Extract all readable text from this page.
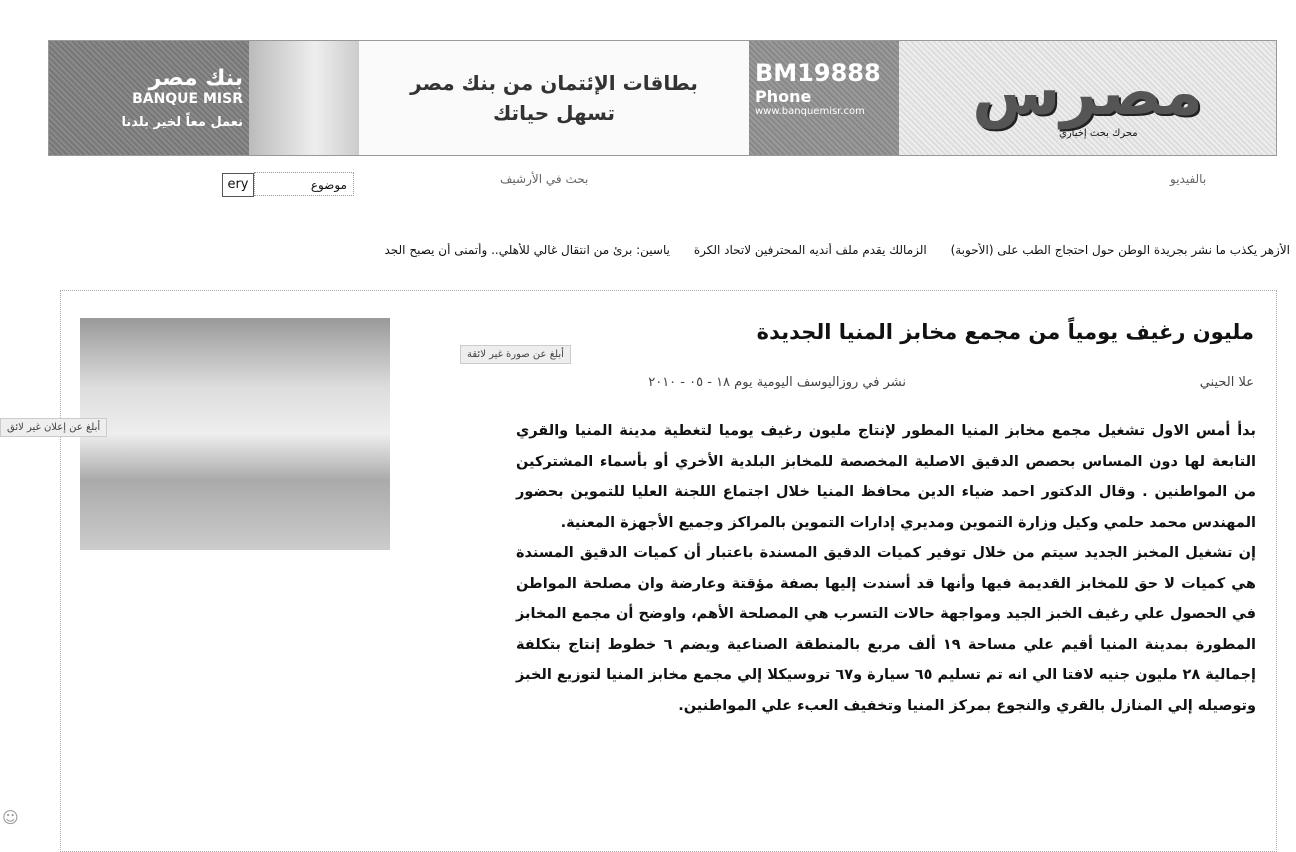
بنك مصر
BANQUE MISR
نعمل معاً لخير بلدنا
بطاقات الإئتمان من بنك مصر
تسهل حياتك
BM19888
Phone
www.banquemisr.com	مصرس
محرك بحث إخباري
ery	موضوع	بحث في الأرشيف	بالفيديو
الأزهر يكذب ما نشر بجريدة الوطن حول احتجاج الطب على (الأحوبة) الزمالك يقدم ملف أنديه المحترفين لاتحاد الكرة ياسين: برئ من انتقال غالي للأهلي.. وأتمنى أن يصبح الجد
أبلغ عن إعلان غير لائق
أبلغ عن صورة غير لائقة
مليون رغيف يومياً من مجمع مخابز المنيا الجديدة
علا الحيني
نشر في روزاليوسف اليومية يوم ١٨ - ٠٥ - ٢٠١٠

بدأ أمس الاول تشغيل مجمع مخابز المنيا المطور لإنتاج مليون رغيف يوميا لتغطية مدينة المنيا والقري التابعة لها دون المساس بحصص الدقيق الاصلية المخصصة للمخابز البلدية الأخري أو بأسماء المشتركين من المواطنين . وقال الدكتور احمد ضياء الدين محافظ المنيا خلال اجتماع اللجنة العليا للتموين بحضور المهندس محمد حلمي وكيل وزارة التموين ومديري إدارات التموين بالمراكز وجميع الأجهزة المعنية.

إن تشغيل المخبز الجديد سيتم من خلال توفير كميات الدقيق المسندة باعتبار أن كميات الدقيق المسندة هي كميات لا حق للمخابز القديمة فيها وأنها قد أسندت إليها بصفة مؤقتة وعارضة وان مصلحة المواطن في الحصول علي رغيف الخبز الجيد ومواجهة حالات التسرب هي المصلحة الأهم، واوضح أن مجمع المخابز المطورة بمدينة المنيا أقيم علي مساحة ١٩ ألف مربع بالمنطقة الصناعية ويضم ٦ خطوط إنتاج بتكلفة إجمالية ٢٨ مليون جنيه لافتا الي انه تم تسليم ٦٥ سيارة و٦٧ تروسيكلا إلي مجمع مخابز المنيا لتوزيع الخبز وتوصيله إلي المنازل بالقري والنجوع بمركز المنيا وتخفيف العبء علي المواطنين.

☺
